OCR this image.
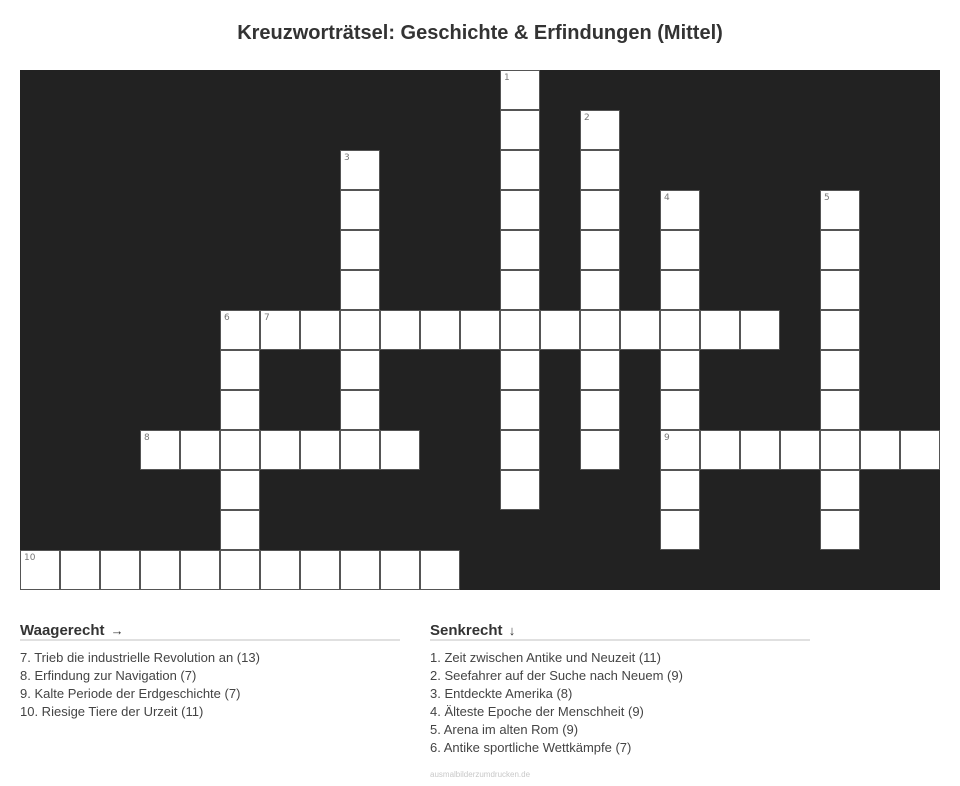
Kreuzworträtsel: Geschichte & Erfindungen (Mittel)
1
2
3
4
9
5
6	7
8
10
Waagerecht →
7. Trieb die industrielle Revolution an (13)
8. Erfindung zur Navigation (7)
9. Kalte Periode der Erdgeschichte (7)
10. Riesige Tiere der Urzeit (11)
Senkrecht ↓
1. Zeit zwischen Antike und Neuzeit (11)
2. Seefahrer auf der Suche nach Neuem (9)
3. Entdeckte Amerika (8)
4. Älteste Epoche der Menschheit (9)
5. Arena im alten Rom (9)
6. Antike sportliche Wettkämpfe (7)
ausmalbilderzumdrucken.de
